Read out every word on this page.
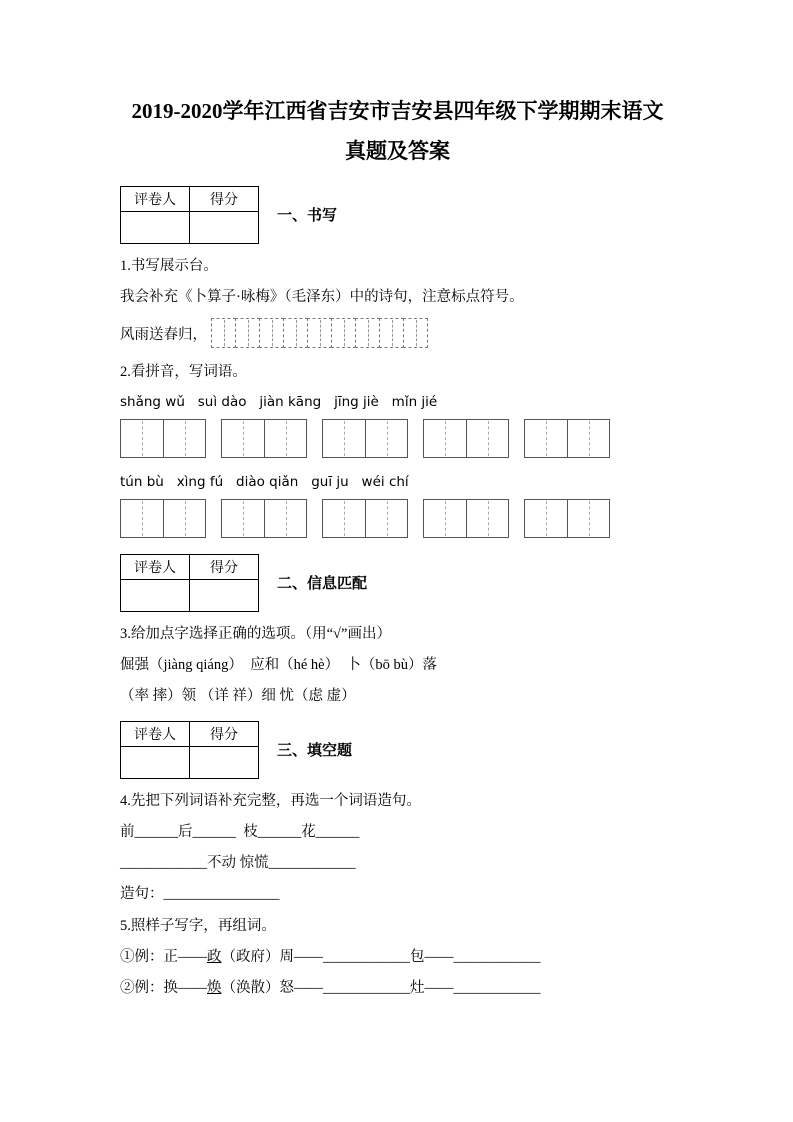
2019-2020学年江西省吉安市吉安县四年级下学期期末语文
真题及答案
评卷人	得分

一、书写

1.书写展示台。

我会补充《卜算子·咏梅》（毛泽东）中的诗句，注意标点符号。

风雨送春归，

2.看拼音，写词语。

shǎng wǔ   suì dào   jiàn kāng   jīng jiè   mǐn jié

tún bù   xìng fú   diào qiǎn   guī ju   wéi chí

评卷人	得分

二、信息匹配

3.给加点字选择正确的选项。（用“√”画出）

倔强（jiàng qiáng）  应和（hé hè）  卜（bō bù）落

（率 摔）领 （详 祥）细 忧（虑 虚）

评卷人	得分

三、填空题

4.先把下列词语补充完整，再选一个词语造句。

前______后______  枝______花______

____________不动 惊慌____________

造句：________________

5.照样子写字，再组词。

①例：正——政（政府）周——____________包——____________

②例：换——焕（涣散）怒——____________灶——____________
